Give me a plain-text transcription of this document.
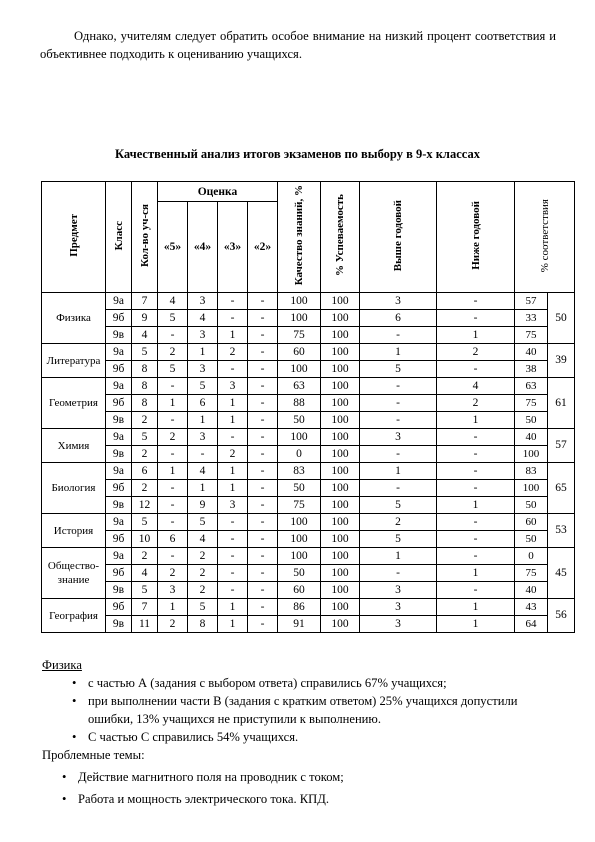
Однако, учителям следует обратить особое внимание на низкий процент соответствия и объективнее подходить к оцениванию учащихся.

Качественный анализ итогов экзаменов по выбору в 9-х классах
Предмет	Класс	Кол-во уч-ся	Оценка				Качество знаний, %	% Успеваемость	Выше годовой	Ниже годовой	% соответствия	
			«5»	«4»	«3»	«2»						
Физика	9а	7	4	3	-	-	100	100	3	-	57	50
	9б	9	5	4	-	-	100	100	6	-	33	
	9в	4	-	3	1	-	75	100	-	1	75	
Литература	9а	5	2	1	2	-	60	100	1	2	40	39
	9б	8	5	3	-	-	100	100	5	-	38	
Геометрия	9а	8	-	5	3	-	63	100	-	4	63	61
	9б	8	1	6	1	-	88	100	-	2	75	
	9в	2	-	1	1	-	50	100	-	1	50	
Химия	9а	5	2	3	-	-	100	100	3	-	40	57
	9в	2	-	-	2	-	0	100	-	-	100	
Биология	9а	6	1	4	1	-	83	100	1	-	83	65
	9б	2	-	1	1	-	50	100	-	-	100	
	9в	12	-	9	3	-	75	100	5	1	50	
История	9а	5	-	5	-	-	100	100	2	-	60	53
	9б	10	6	4	-	-	100	100	5	-	50	
Общество-знание	9а	2	-	2	-	-	100	100	1	-	0	45
	9б	4	2	2	-	-	50	100	-	1	75	
	9в	5	3	2	-	-	60	100	3	-	40	
География	9б	7	1	5	1	-	86	100	3	1	43	56
	9в	11	2	8	1	-	91	100	3	1	64	
Физика
• с частью А (задания с выбором ответа) справились 67% учащихся;
• при выполнении части В (задания с кратким ответом) 25% учащихся допустили ошибки, 13% учащихся не приступили к выполнению.
• С частью С справились 54% учащихся.
Проблемные темы:
• Действие магнитного поля на проводник с током;
• Работа и мощность электрического тока. КПД.
